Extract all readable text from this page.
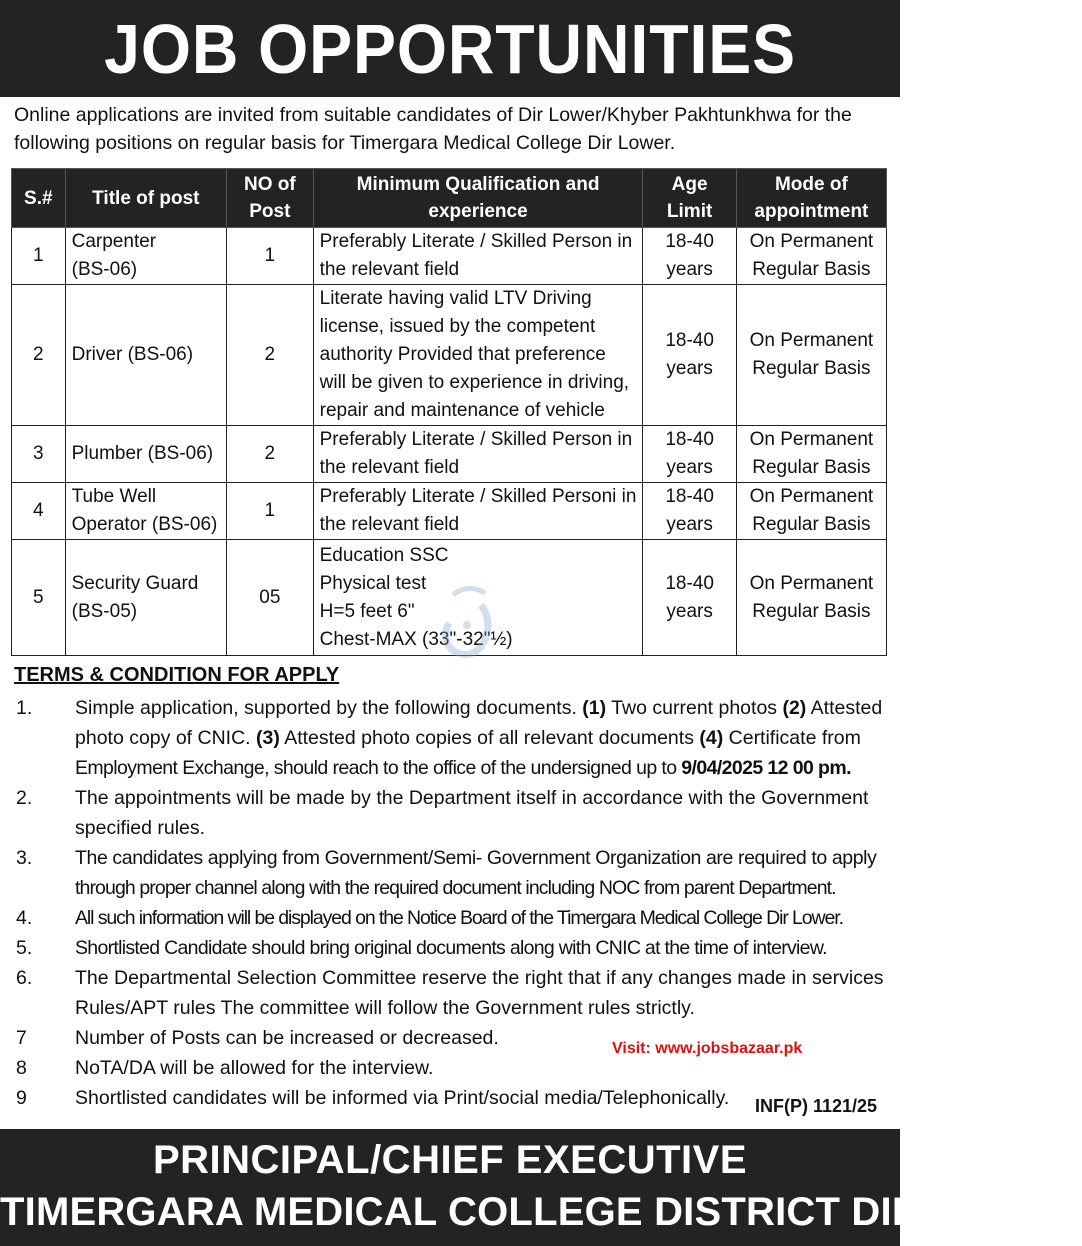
JOB OPPORTUNITIES
Online applications are invited from suitable candidates of Dir Lower/Khyber Pakhtunkhwa for the
following positions on regular basis for Timergara Medical College Dir Lower.
S.#	Title of post	NO of
Post	Minimum Qualification and
experience	Age
Limit	Mode of
appointment

1	Carpenter
(BS-06)	1	Preferably Literate / Skilled Person in
the relevant field	18-40
years	On Permanent
Regular Basis

2	Driver (BS-06)	2	Literate having valid LTV Driving
license, issued by the competent
authority Provided that preference
will be given to experience in driving,
repair and maintenance of vehicle	18-40
years	On Permanent
Regular Basis

3	Plumber (BS-06)	2	Preferably Literate / Skilled Person in
the relevant field	18-40
years	On Permanent
Regular Basis

4	Tube Well
Operator (BS-06)	1	Preferably Literate / Skilled Personi in
the relevant field	18-40
years	On Permanent
Regular Basis

5	Security Guard
(BS-05)	05	Education SSC
Physical test
H=5 feet 6"
Chest-MAX (33"-32"½)	18-40
years	On Permanent
Regular Basis
TERMS & CONDITION FOR APPLY
1. Simple application, supported by the following documents. (1) Two current photos (2) Attested
photo copy of CNIC. (3) Attested photo copies of all relevant documents (4) Certificate from
Employment Exchange, should reach to the office of the undersigned up to 9/04/2025 12 00 pm.
2. The appointments will be made by the Department itself in accordance with the Government
specified rules.
3. The candidates applying from Government/Semi- Government Organization are required to apply
through proper channel along with the required document including NOC from parent Department.
4. All such information will be displayed on the Notice Board of the Timergara Medical College Dir Lower.
5. Shortlisted Candidate should bring original documents along with CNIC at the time of interview.
6. The Departmental Selection Committee reserve the right that if any changes made in services
Rules/APT rules The committee will follow the Government rules strictly.
7 Number of Posts can be increased or decreased.
8 NoTA/DA will be allowed for the interview.
9 Shortlisted candidates will be informed via Print/social media/Telephonically.
Visit: www.jobsbazaar.pk
INF(P) 1121/25
PRINCIPAL/CHIEF EXECUTIVE
TIMERGARA MEDICAL COLLEGE DISTRICT DIR LOWER
